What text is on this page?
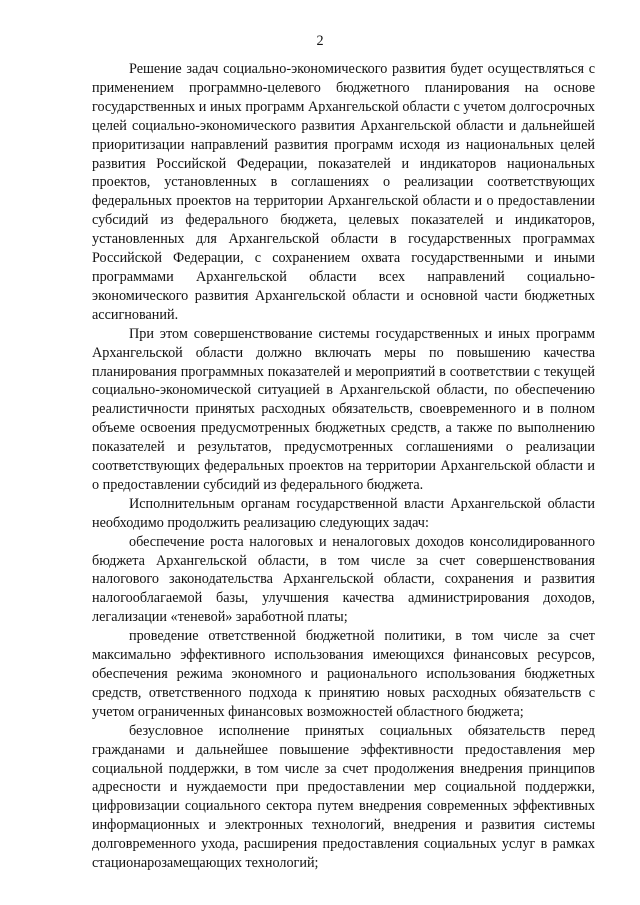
2

Решение задач социально-экономического развития будет осуществляться с применением программно-целевого бюджетного планирования на основе государственных и иных программ Архангельской области с учетом долгосрочных целей социально-экономического развития Архангельской области и дальнейшей приоритизации направлений развития программ исходя из национальных целей развития Российской Федерации, показателей и индикаторов национальных проектов, установленных в соглашениях о реализации соответствующих федеральных проектов на территории Архангельской области и о предоставлении субсидий из федерального бюджета, целевых показателей и индикаторов, установленных для Архангельской области в государственных программах Российской Федерации, с сохранением охвата государственными и иными программами Архангельской области всех направлений социально-экономического развития Архангельской области и основной части бюджетных ассигнований.

При этом совершенствование системы государственных и иных программ Архангельской области должно включать меры по повышению качества планирования программных показателей и мероприятий в соответствии с текущей социально-экономической ситуацией в Архангельской области, по обеспечению реалистичности принятых расходных обязательств, своевременного и в полном объеме освоения предусмотренных бюджетных средств, а также по выполнению показателей и результатов, предусмотренных соглашениями о реализации соответствующих федеральных проектов на территории Архангельской области и о предоставлении субсидий из федерального бюджета.

Исполнительным органам государственной власти Архангельской области необходимо продолжить реализацию следующих задач:

обеспечение роста налоговых и неналоговых доходов консолидированного бюджета Архангельской области, в том числе за счет совершенствования налогового законодательства Архангельской области, сохранения и развития налогооблагаемой базы, улучшения качества администрирования доходов, легализации «теневой» заработной платы;

проведение ответственной бюджетной политики, в том числе за счет максимально эффективного использования имеющихся финансовых ресурсов, обеспечения режима экономного и рационального использования бюджетных средств, ответственного подхода к принятию новых расходных обязательств с учетом ограниченных финансовых возможностей областного бюджета;

безусловное исполнение принятых социальных обязательств перед гражданами и дальнейшее повышение эффективности предоставления мер социальной поддержки, в том числе за счет продолжения внедрения принципов адресности и нуждаемости при предоставлении мер социальной поддержки, цифровизации социального сектора путем внедрения современных эффективных информационных и электронных технологий, внедрения и развития системы долговременного ухода, расширения предоставления социальных услуг в рамках стационарозамещающих технологий;
